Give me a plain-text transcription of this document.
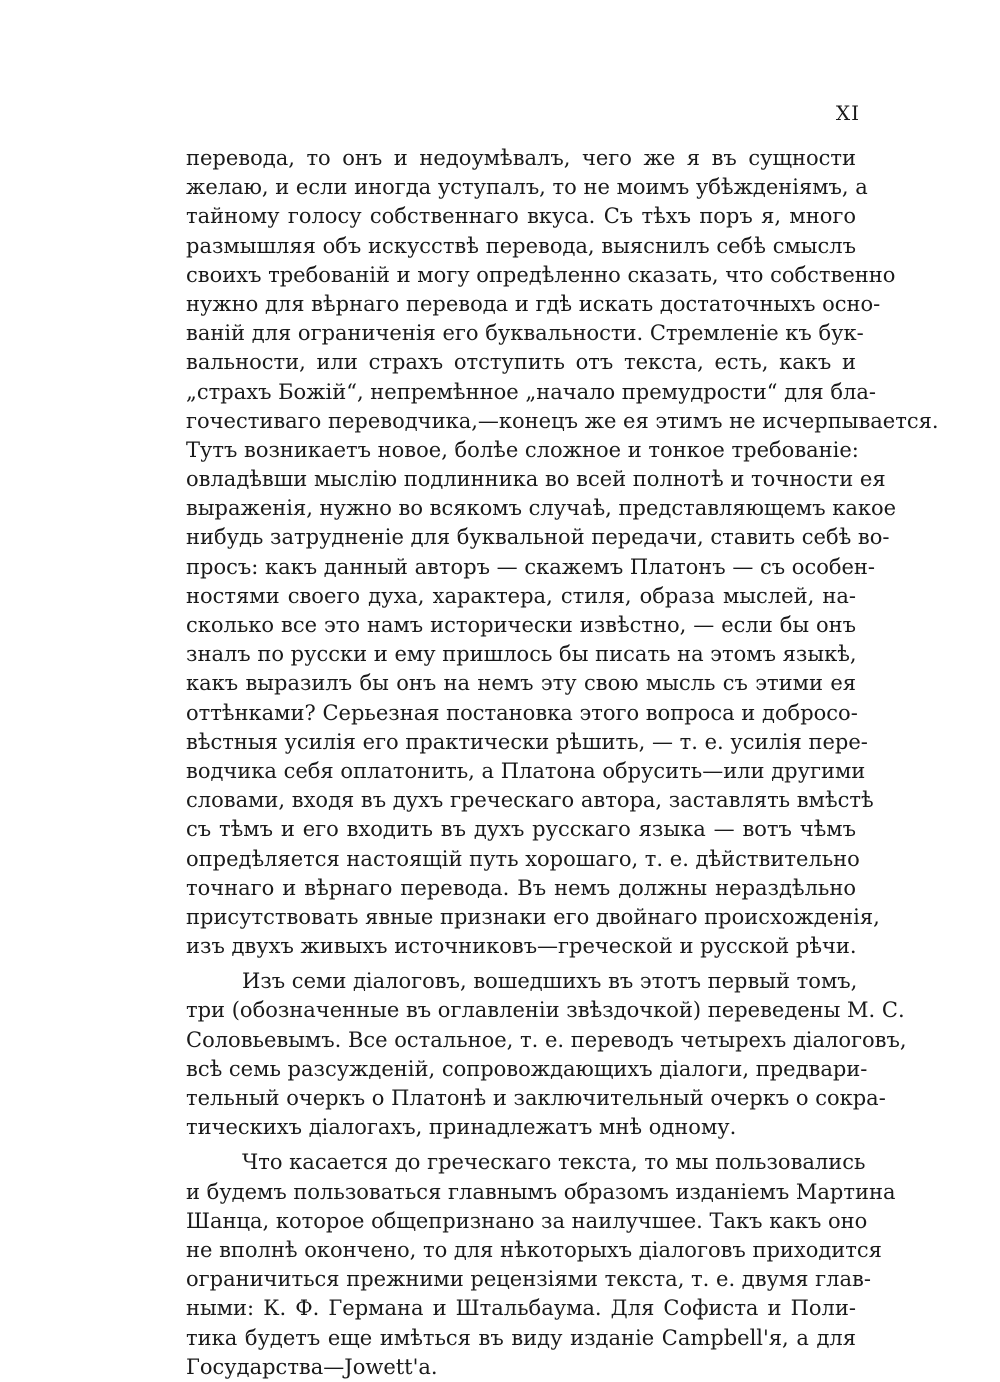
XI
перевода, то онъ и недоумѣвалъ, чего же я въ сущности
желаю, и если иногда уступалъ, то не моимъ убѣжденiямъ, а
тайному голосу собственнаго вкуса. Съ тѣхъ поръ я, много
размышляя объ искусствѣ перевода, выяснилъ себѣ смыслъ
своихъ требованiй и могу опредѣленно сказать, что собственно
нужно для вѣрнаго перевода и гдѣ искать достаточныхъ осно-
ванiй для ограниченiя его буквальности. Стремленiе къ бук-
вальности, или страхъ отступить отъ текста, есть, какъ и
„страхъ Божiй“, непремѣнное „начало премудрости“ для бла-
гочестиваго переводчика,—конецъ же ея этимъ не исчерпывается.
Тутъ возникаетъ новое, болѣе сложное и тонкое требованiе:
овладѣвши мыслiю подлинника во всей полнотѣ и точности ея
выраженiя, нужно во всякомъ случаѣ, представляющемъ какое
нибудь затрудненiе для буквальной передачи, ставить себѣ во-
просъ: какъ данный авторъ — скажемъ Платонъ — съ особен-
ностями своего духа, характера, стиля, образа мыслей, на-
сколько все это намъ исторически извѣстно, — если бы онъ
зналъ по русски и ему пришлось бы писать на этомъ языкѣ,
какъ выразилъ бы онъ на немъ эту свою мысль съ этими ея
оттѣнками? Серьезная постановка этого вопроса и добросо-
вѣстныя усилiя его практически рѣшить, — т. е. усилiя пере-
водчика себя оплатонить, а Платона обрусить—или другими
словами, входя въ духъ греческаго автора, заставлять вмѣстѣ
съ тѣмъ и его входить въ духъ русскаго языка — вотъ чѣмъ
опредѣляется настоящiй путь хорошаго, т. е. дѣйствительно
точнаго и вѣрнаго перевода. Въ немъ должны нераздѣльно
присутствовать явные признаки его двойнаго происхожденiя,
изъ двухъ живыхъ источниковъ—греческой и русской рѣчи.
Изъ семи дiалоговъ, вошедшихъ въ этотъ первый томъ,
три (обозначенные въ оглавленiи звѣздочкой) переведены М. С.
Соловьевымъ. Все остальное, т. е. переводъ четырехъ дiалоговъ,
всѣ семь разсужденiй, сопровождающихъ дiалоги, предвари-
тельный очеркъ о Платонѣ и заключительный очеркъ о сокра-
тическихъ дiалогахъ, принадлежатъ мнѣ одному.
Что касается до греческаго текста, то мы пользовались
и будемъ пользоваться главнымъ образомъ изданiемъ Мартина
Шанца, которое общепризнано за наилучшее. Такъ какъ оно
не вполнѣ окончено, то для нѣкоторыхъ дiалоговъ приходится
ограничиться прежними рецензiями текста, т. е. двумя глав-
ными: К. Ф. Германа и Штальбаума. Для Софиста и Поли-
тика будетъ еще имѣться въ виду изданiе Campbell'я, а для
Государства—Jowett'а.
